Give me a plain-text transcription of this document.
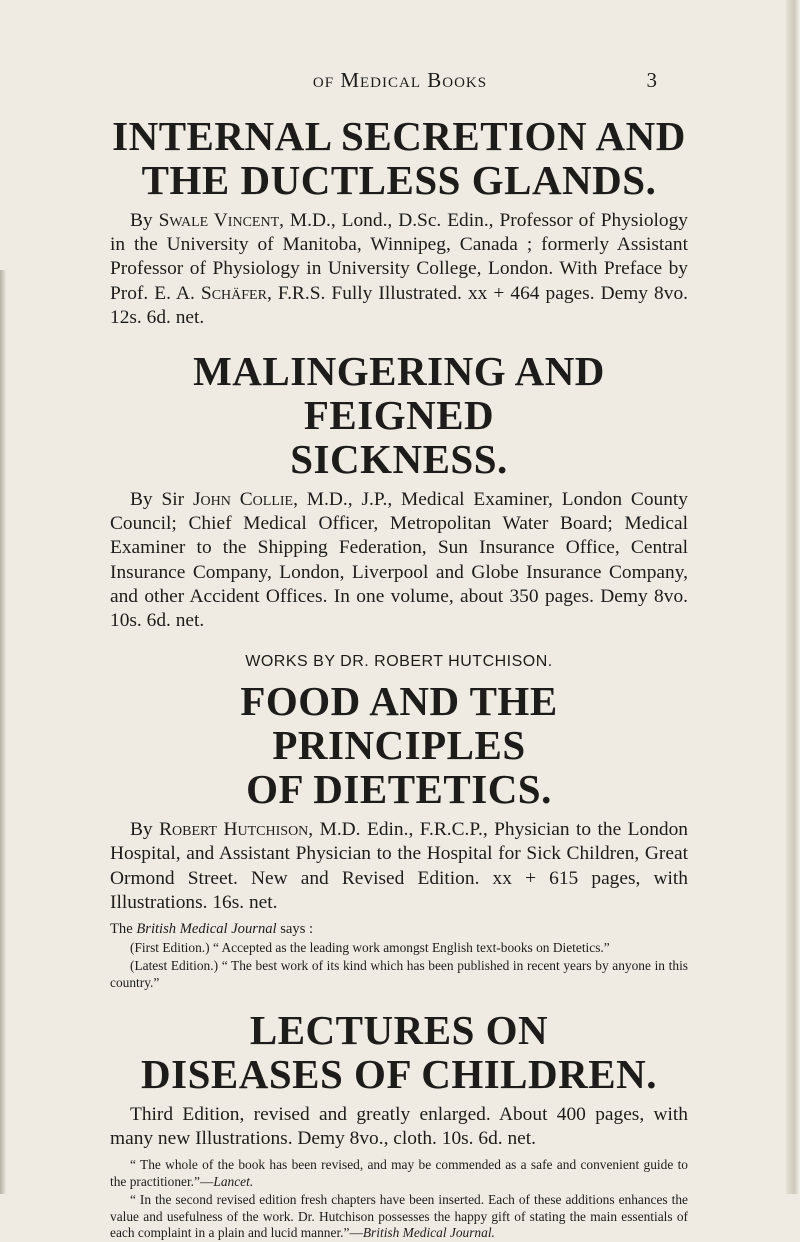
of Medical Books	3
INTERNAL SECRETION AND
THE DUCTLESS GLANDS.

By Swale Vincent, M.D., Lond., D.Sc. Edin., Professor of Physiology in the University of Manitoba, Winnipeg, Canada ; formerly Assistant Professor of Physiology in University College, London. With Preface by Prof. E. A. Schäfer, F.R.S. Fully Illustrated. xx + 464 pages. Demy 8vo. 12s. 6d. net.

MALINGERING AND FEIGNED
SICKNESS.

By Sir John Collie, M.D., J.P., Medical Examiner, London County Council; Chief Medical Officer, Metropolitan Water Board; Medical Examiner to the Shipping Federation, Sun Insurance Office, Central Insurance Company, London, Liverpool and Globe Insurance Company, and other Accident Offices. In one volume, about 350 pages. Demy 8vo. 10s. 6d. net.

WORKS BY DR. ROBERT HUTCHISON.
FOOD AND THE PRINCIPLES
OF DIETETICS.

By Robert Hutchison, M.D. Edin., F.R.C.P., Physician to the London Hospital, and Assistant Physician to the Hospital for Sick Children, Great Ormond Street. New and Revised Edition. xx + 615 pages, with Illustrations. 16s. net.

The British Medical Journal says :

(First Edition.) “ Accepted as the leading work amongst English text-books on Dietetics.”

(Latest Edition.) “ The best work of its kind which has been published in recent years by anyone in this country.”

LECTURES ON
DISEASES OF CHILDREN.

Third Edition, revised and greatly enlarged. About 400 pages, with many new Illustrations. Demy 8vo., cloth. 10s. 6d. net.

“ The whole of the book has been revised, and may be commended as a safe and convenient guide to the practitioner.”—Lancet.

“ In the second revised edition fresh chapters have been inserted. Each of these additions enhances the value and usefulness of the work. Dr. Hutchison possesses the happy gift of stating the main essentials of each complaint in a plain and lucid manner.”—British Medical Journal.
